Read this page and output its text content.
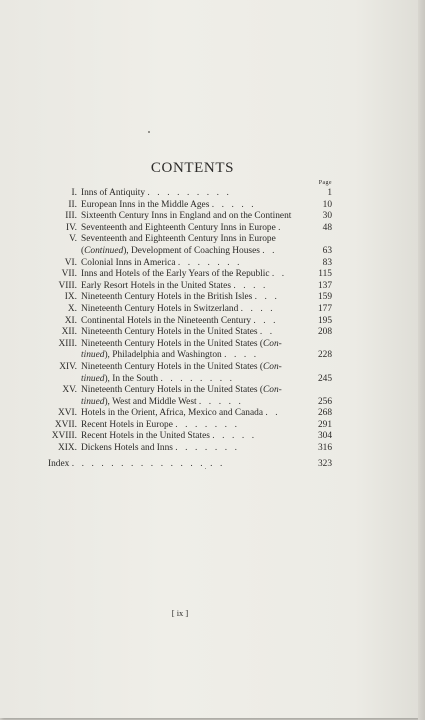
CONTENTS
Page
I. Inns of Antiquity . . . . . . . . .	1
II. European Inns in the Middle Ages . . . . .	10
III. Sixteenth Century Inns in England and on the Continent	30
IV. Seventeenth and Eighteenth Century Inns in Europe .	48
V. Seventeenth and Eighteenth Century Inns in Europe
(Continued), Development of Coaching Houses . .	63
VI. Colonial Inns in America . . . . . . .	83
VII. Inns and Hotels of the Early Years of the Republic . .	115
VIII. Early Resort Hotels in the United States . . . .	137
IX. Nineteenth Century Hotels in the British Isles . . .	159
X. Nineteenth Century Hotels in Switzerland . . . .	177
XI. Continental Hotels in the Nineteenth Century . . .	195
XII. Nineteenth Century Hotels in the United States . .	208
XIII. Nineteenth Century Hotels in the United States (Con-
tinued), Philadelphia and Washington . . . .	228
XIV. Nineteenth Century Hotels in the United States (Con-
tinued), In the South . . . . . . . .	245
XV. Nineteenth Century Hotels in the United States (Con-
tinued), West and Middle West . . . . .	256
XVI. Hotels in the Orient, Africa, Mexico and Canada . .	268
XVII. Recent Hotels in Europe . . . . . . .	291
XVIII. Recent Hotels in the United States . . . . .	304
XIX. Dickens Hotels and Inns . . . . . . .	316
Index . . . . . . . . . . . . . . . .	323
[ ix ]
